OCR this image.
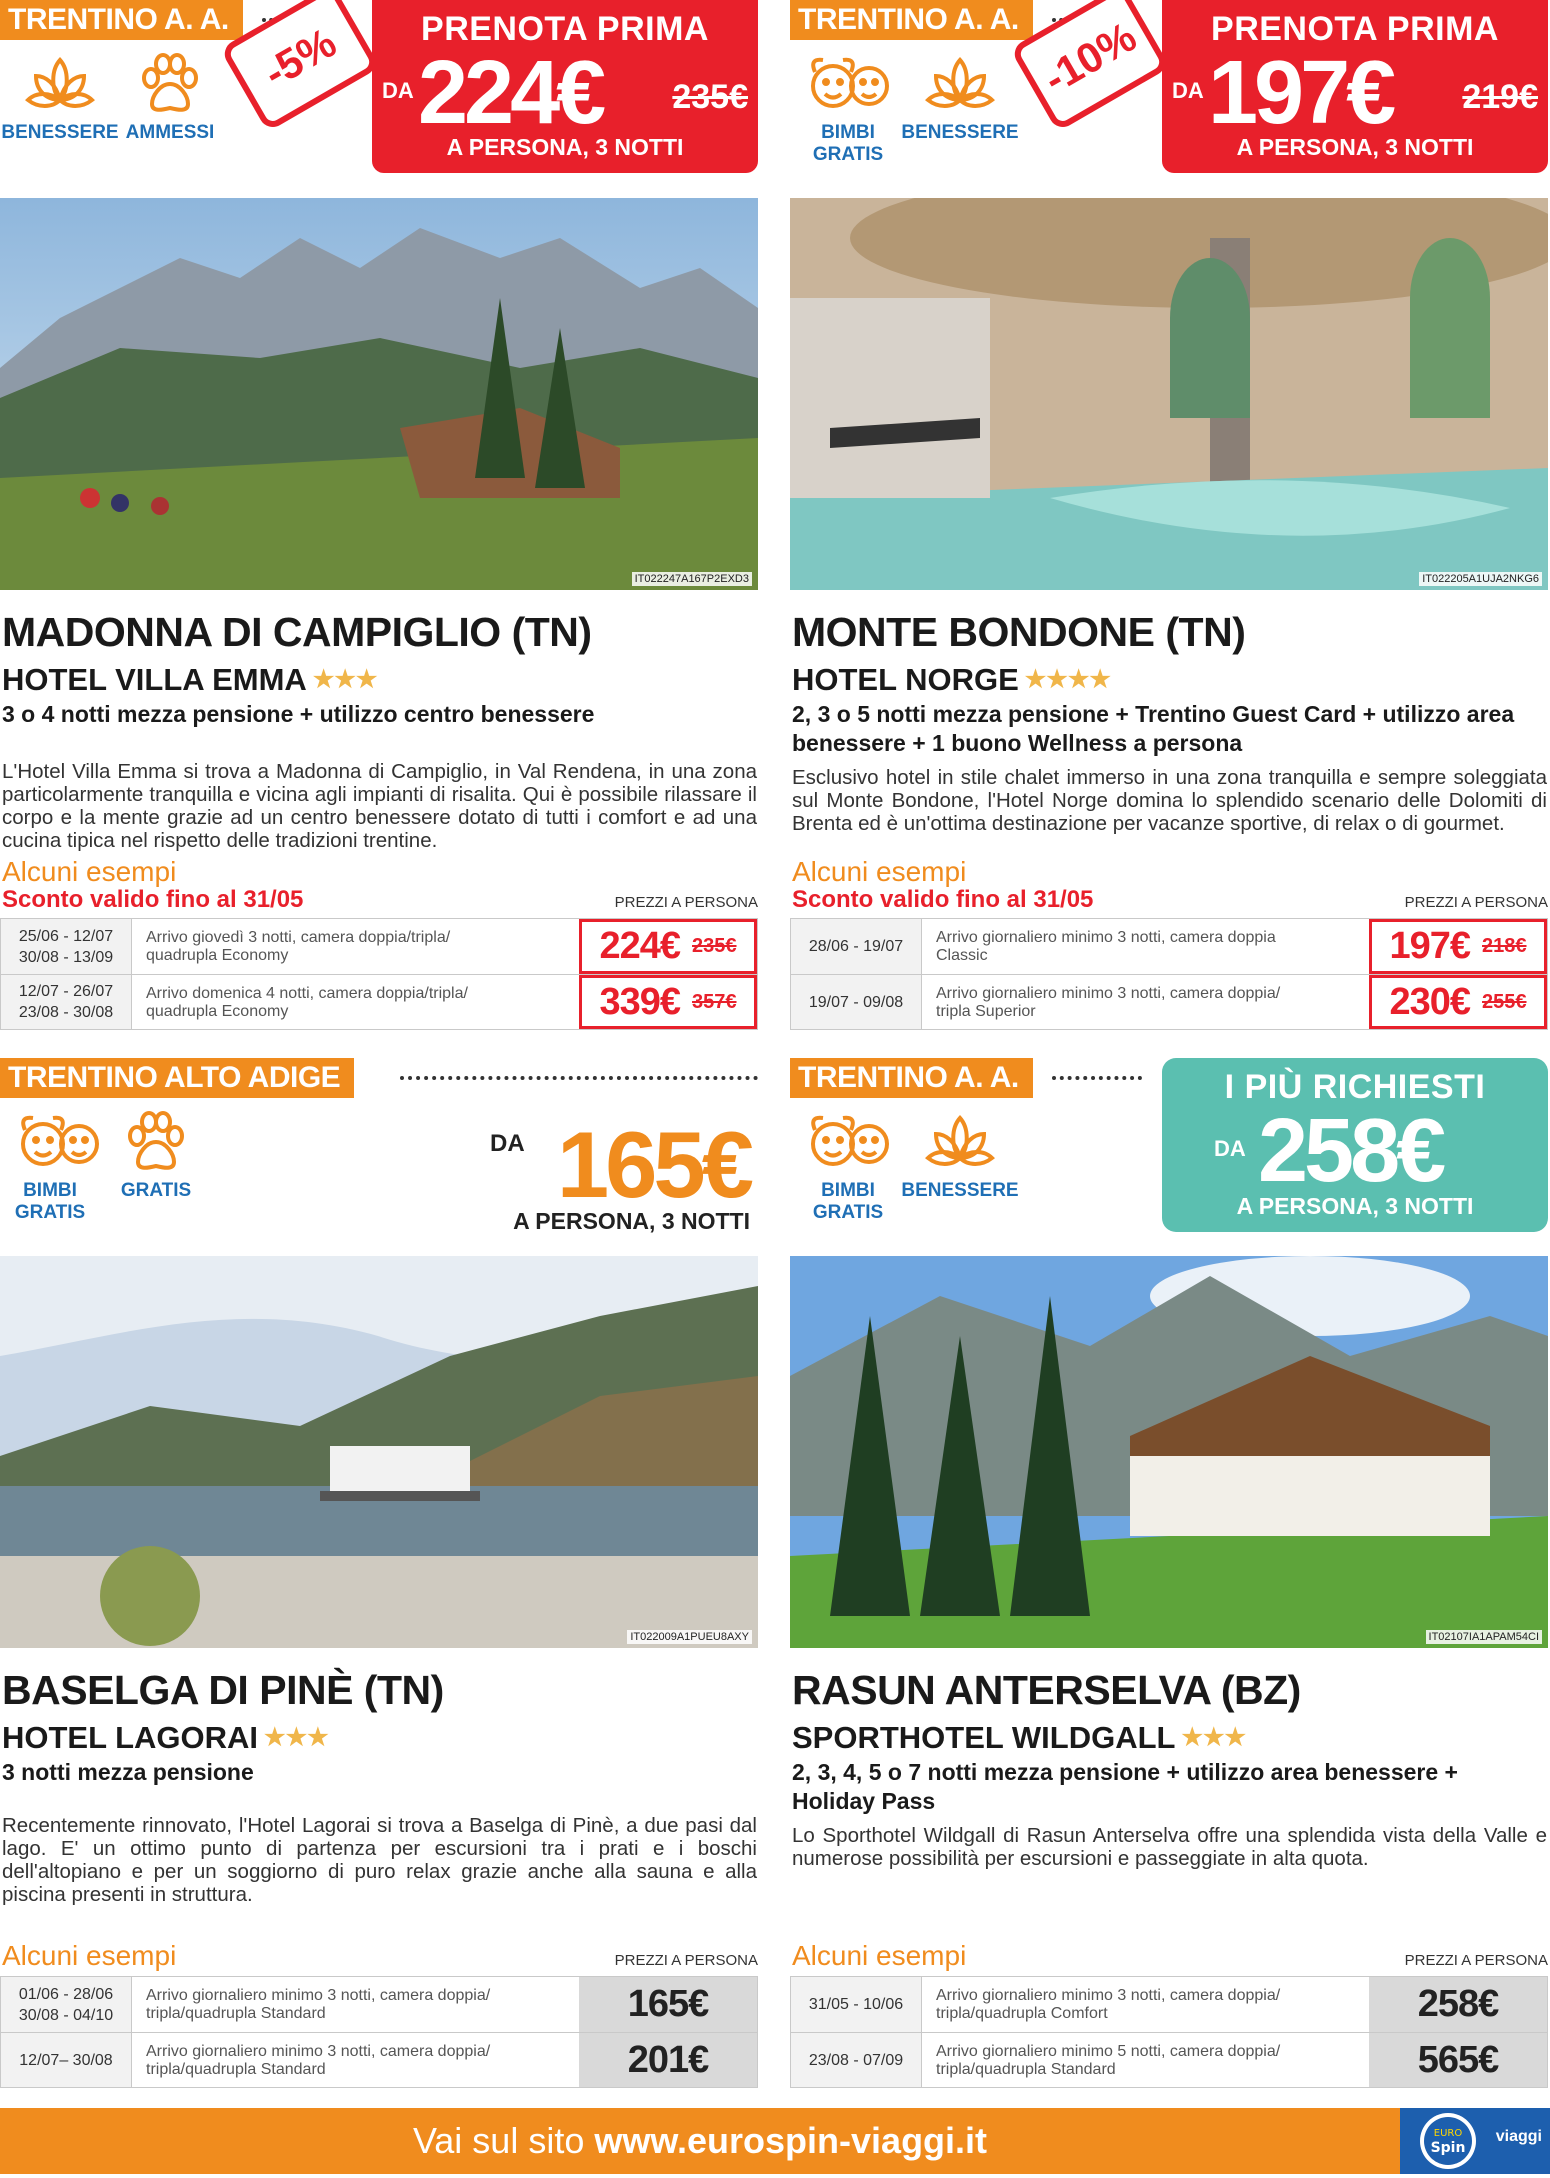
TRENTINO A. A.
BENESSERE AMMESSI
-5%	PRENOTA PRIMA
DA 224€ 235€
A PERSONA, 3 NOTTI
IT022247A167P2EXD3
MADONNA DI CAMPIGLIO (TN)
HOTEL VILLA EMMA ★★★
3 o 4 notti mezza pensione + utilizzo centro benessere
L'Hotel Villa Emma si trova a Madonna di Campiglio, in Val Rendena, in una zona particolarmente tranquilla e vicina agli impianti di risalita. Qui è possibile rilassare il corpo e la mente grazie ad un centro benessere dotato di tutti i comfort e ad una cucina tipica nel rispetto delle tradizioni trentine.
Alcuni esempi
Sconto valido fino al 31/05	PREZZI A PERSONA
25/06 - 12/07
30/08 - 13/09
Arrivo giovedì 3 notti, camera doppia/tripla/
quadrupla Economy	224€ 235€
12/07 - 26/07
23/08 - 30/08
Arrivo domenica 4 notti, camera doppia/tripla/
quadrupla Economy	339€ 357€
TRENTINO A. A.
BIMBI GRATIS
BENESSERE
-10%	PRENOTA PRIMA
DA 197€ 219€
A PERSONA, 3 NOTTI
IT022205A1UJA2NKG6
MONTE BONDONE (TN)
HOTEL NORGE ★★★★
2, 3 o 5 notti mezza pensione + Trentino Guest Card + utilizzo area benessere + 1 buono Wellness a persona
Esclusivo hotel in stile chalet immerso in una zona tranquilla e sempre soleggiata sul Monte Bondone, l'Hotel Norge domina lo splendido scenario delle Dolomiti di Brenta ed è un'ottima destinazione per vacanze sportive, di relax o di gourmet.
Alcuni esempi
Sconto valido fino al 31/05	PREZZI A PERSONA
28/06 - 19/07
Arrivo giornaliero minimo 3 notti, camera doppia
Classic	197€ 218€
19/07 - 09/08	Arrivo giornaliero minimo 3 notti, camera doppia/
tripla Superior	230€ 255€
TRENTINO ALTO ADIGE
BIMBI GRATIS
GRATIS
DA 165€
A PERSONA, 3 NOTTI
IT022009A1PUEU8AXY
BASELGA DI PINÈ (TN)
HOTEL LAGORAI ★★★
3 notti mezza pensione
Recentemente rinnovato, l'Hotel Lagorai si trova a Baselga di Pinè, a due pasi dal lago. E' un ottimo punto di partenza per escursioni tra i prati e i boschi dell'altopiano e per un soggiorno di puro relax grazie anche alla sauna e alla piscina presenti in struttura.
Alcuni esempi	PREZZI A PERSONA
01/06 - 28/06
30/08 - 04/10
Arrivo giornaliero minimo 3 notti, camera doppia/
tripla/quadrupla Standard	165€
12/07– 30/08	Arrivo giornaliero minimo 3 notti, camera doppia/
tripla/quadrupla Standard	201€
TRENTINO A. A.
BIMBI GRATIS
BENESSERE
I PIÙ RICHIESTI
DA 258€
A PERSONA, 3 NOTTI
IT02107IA1APAM54CI
RASUN ANTERSELVA (BZ)
SPORTHOTEL WILDGALL ★★★
2, 3, 4, 5 o 7 notti mezza pensione + utilizzo area benessere + Holiday Pass
Lo Sporthotel Wildgall di Rasun Anterselva offre una splendida vista della Valle e numerose possibilità per escursioni e passeggiate in alta quota.
Alcuni esempi	PREZZI A PERSONA
31/05 - 10/06
Arrivo giornaliero minimo 3 notti, camera doppia/
tripla/quadrupla Comfort	258€
23/08 - 07/09	Arrivo giornaliero minimo 5 notti, camera doppia/
tripla/quadrupla Standard	565€
Vai sul sito www.eurospin-viaggi.it	EURO
Spin
viaggi
